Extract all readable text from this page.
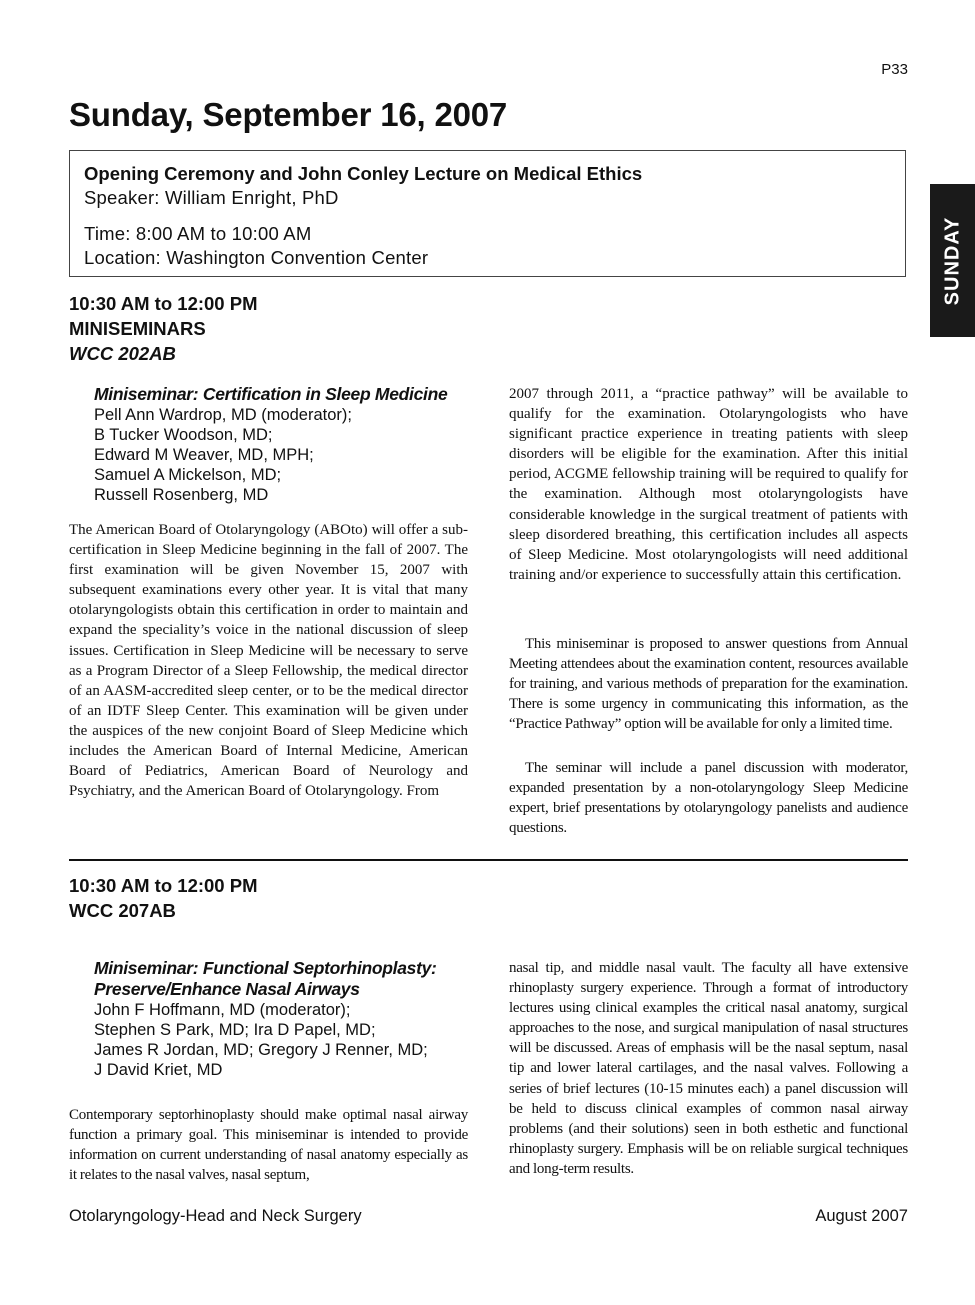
P33
Sunday, September 16, 2007
SUNDAY
Opening Ceremony and John Conley Lecture on Medical Ethics
Speaker: William Enright, PhD
Time: 8:00 AM to 10:00 AM
Location: Washington Convention Center
10:30 AM to 12:00 PM
MINISEMINARS
WCC 202AB
Miniseminar: Certification in Sleep Medicine
Pell Ann Wardrop, MD (moderator);
B Tucker Woodson, MD;
Edward M Weaver, MD, MPH;
Samuel A Mickelson, MD;
Russell Rosenberg, MD

The American Board of Otolaryngology (ABOto) will offer a sub-certification in Sleep Medicine beginning in the fall of 2007. The first examination will be given November 15, 2007 with subsequent examinations every other year. It is vital that many otolaryngologists obtain this certification in order to maintain and expand the speciality’s voice in the national discussion of sleep issues. Certification in Sleep Medicine will be necessary to serve as a Program Director of a Sleep Fellowship, the medical director of an AASM-accredited sleep center, or to be the medical director of an IDTF Sleep Center. This examination will be given under the auspices of the new conjoint Board of Sleep Medicine which includes the American Board of Internal Medicine, American Board of Pediatrics, American Board of Neurology and Psychiatry, and the American Board of Otolaryngology. From

2007 through 2011, a “practice pathway” will be available to qualify for the examination. Otolaryngologists who have significant practice experience in treating patients with sleep disorders will be eligible for the examination. After this initial period, ACGME fellowship training will be required to qualify for the examination. Although most otolaryngologists have considerable knowledge in the surgical treatment of patients with sleep disordered breathing, this certification includes all aspects of Sleep Medicine. Most otolaryngologists will need additional training and/or experience to successfully attain this certification.

This miniseminar is proposed to answer questions from Annual Meeting attendees about the examination content, resources available for training, and various methods of preparation for the examination. There is some urgency in communicating this information, as the “Practice Pathway” option will be available for only a limited time.

The seminar will include a panel discussion with moderator, expanded presentation by a non-otolaryngology Sleep Medicine expert, brief presentations by otolaryngology panelists and audience questions.

10:30 AM to 12:00 PM
WCC 207AB
Miniseminar: Functional Septorhinoplasty:
Preserve/Enhance Nasal Airways
John F Hoffmann, MD (moderator);
Stephen S Park, MD; Ira D Papel, MD;
James R Jordan, MD; Gregory J Renner, MD;
J David Kriet, MD

Contemporary septorhinoplasty should make optimal nasal airway function a primary goal. This miniseminar is intended to provide information on current understanding of nasal anatomy especially as it relates to the nasal valves, nasal septum,

nasal tip, and middle nasal vault. The faculty all have extensive rhinoplasty surgery experience. Through a format of introductory lectures using clinical examples the critical nasal anatomy, surgical approaches to the nose, and surgical manipulation of nasal structures will be discussed. Areas of emphasis will be the nasal septum, nasal tip and lower lateral cartilages, and the nasal valves. Following a series of brief lectures (10-15 minutes each) a panel discussion will be held to discuss clinical examples of common nasal airway problems (and their solutions) seen in both esthetic and functional rhinoplasty surgery. Emphasis will be on reliable surgical techniques and long-term results.

Otolaryngology-Head and Neck Surgery	August 2007
